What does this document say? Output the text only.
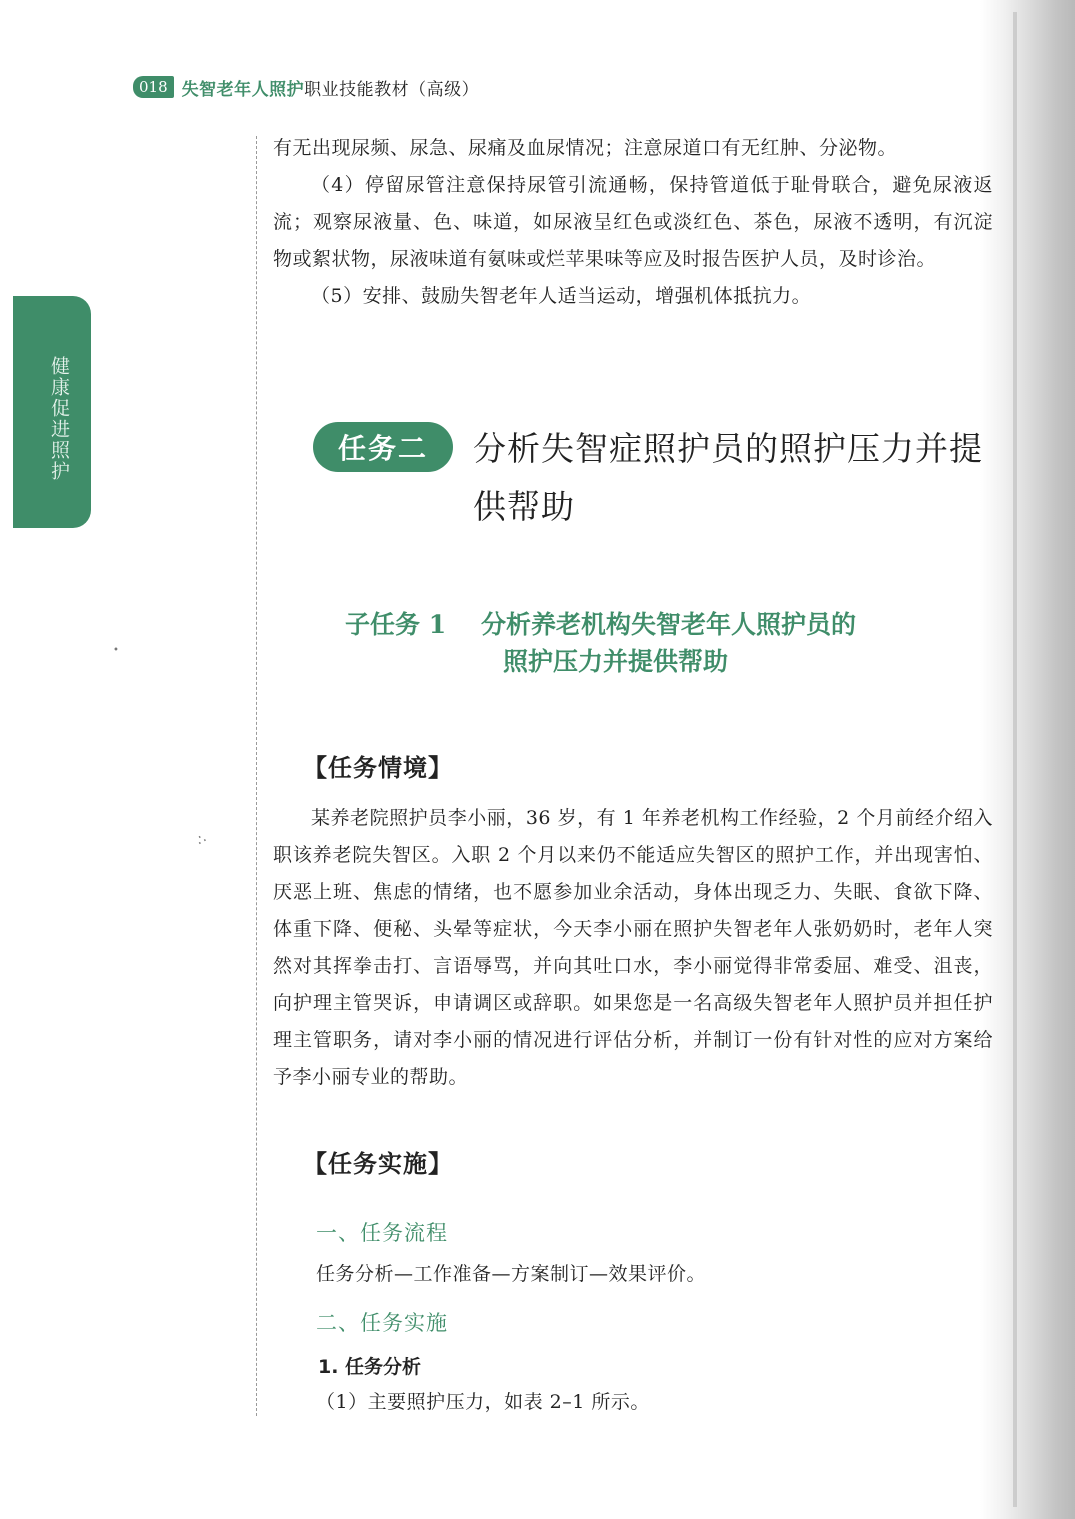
018 失智老年人照护职业技能教材（高级）
健康促进照护
有无出现尿频、尿急、尿痛及血尿情况；注意尿道口有无红肿、分泌物。
（4）停留尿管注意保持尿管引流通畅，保持管道低于耻骨联合，避免尿液返流；观察尿液量、色、味道，如尿液呈红色或淡红色、茶色，尿液不透明，有沉淀物或絮状物，尿液味道有氨味或烂苹果味等应及时报告医护人员，及时诊治。
（5）安排、鼓励失智老年人适当运动，增强机体抵抗力。
任务二	分析失智症照护员的照护压力并提供帮助
子任务 1 分析养老机构失智老年人照护员的
照护压力并提供帮助
【任务情境】
某养老院照护员李小丽，36 岁，有 1 年养老机构工作经验，2 个月前经介绍入职该养老院失智区。入职 2 个月以来仍不能适应失智区的照护工作，并出现害怕、厌恶上班、焦虑的情绪，也不愿参加业余活动，身体出现乏力、失眠、食欲下降、体重下降、便秘、头晕等症状，今天李小丽在照护失智老年人张奶奶时，老年人突然对其挥拳击打、言语辱骂，并向其吐口水，李小丽觉得非常委屈、难受、沮丧，向护理主管哭诉，申请调区或辞职。如果您是一名高级失智老年人照护员并担任护理主管职务，请对李小丽的情况进行评估分析，并制订一份有针对性的应对方案给予李小丽专业的帮助。
【任务实施】
一、任务流程
任务分析—工作准备—方案制订—效果评价。
二、任务实施
1. 任务分析
（1）主要照护压力，如表 2–1 所示。
•
∴
